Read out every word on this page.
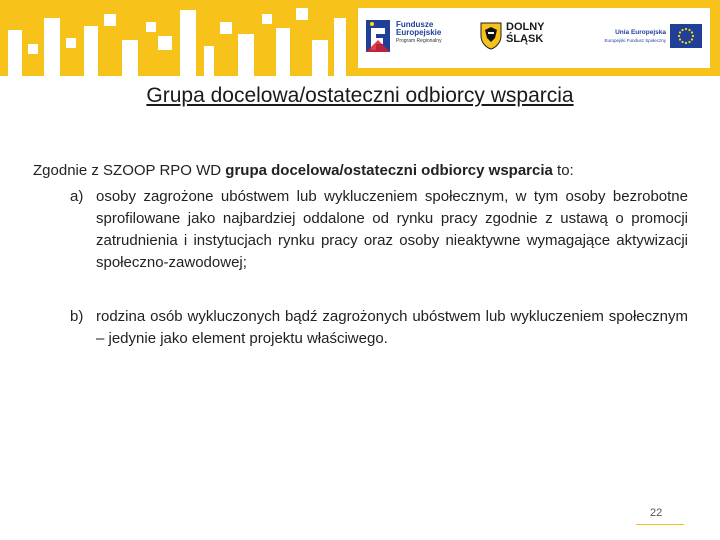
Fundusze
Europejskie
Program Regionalny
DOLNY
ŚLĄSK
Unia Europejska
Europejski Fundusz Społeczny
Grupa docelowa/ostateczni odbiorcy wsparcia
Zgodnie z SZOOP RPO WD grupa docelowa/ostateczni odbiorcy wsparcia to:
a) osoby zagrożone ubóstwem lub wykluczeniem społecznym, w tym osoby bezrobotne sprofilowane jako najbardziej oddalone od rynku pracy zgodnie z ustawą o promocji zatrudnienia i instytucjach rynku pracy oraz osoby nieaktywne wymagające aktywizacji społeczno-zawodowej;
b) rodzina osób wykluczonych bądź zagrożonych ubóstwem lub wykluczeniem społecznym – jedynie jako element projektu właściwego.
22
